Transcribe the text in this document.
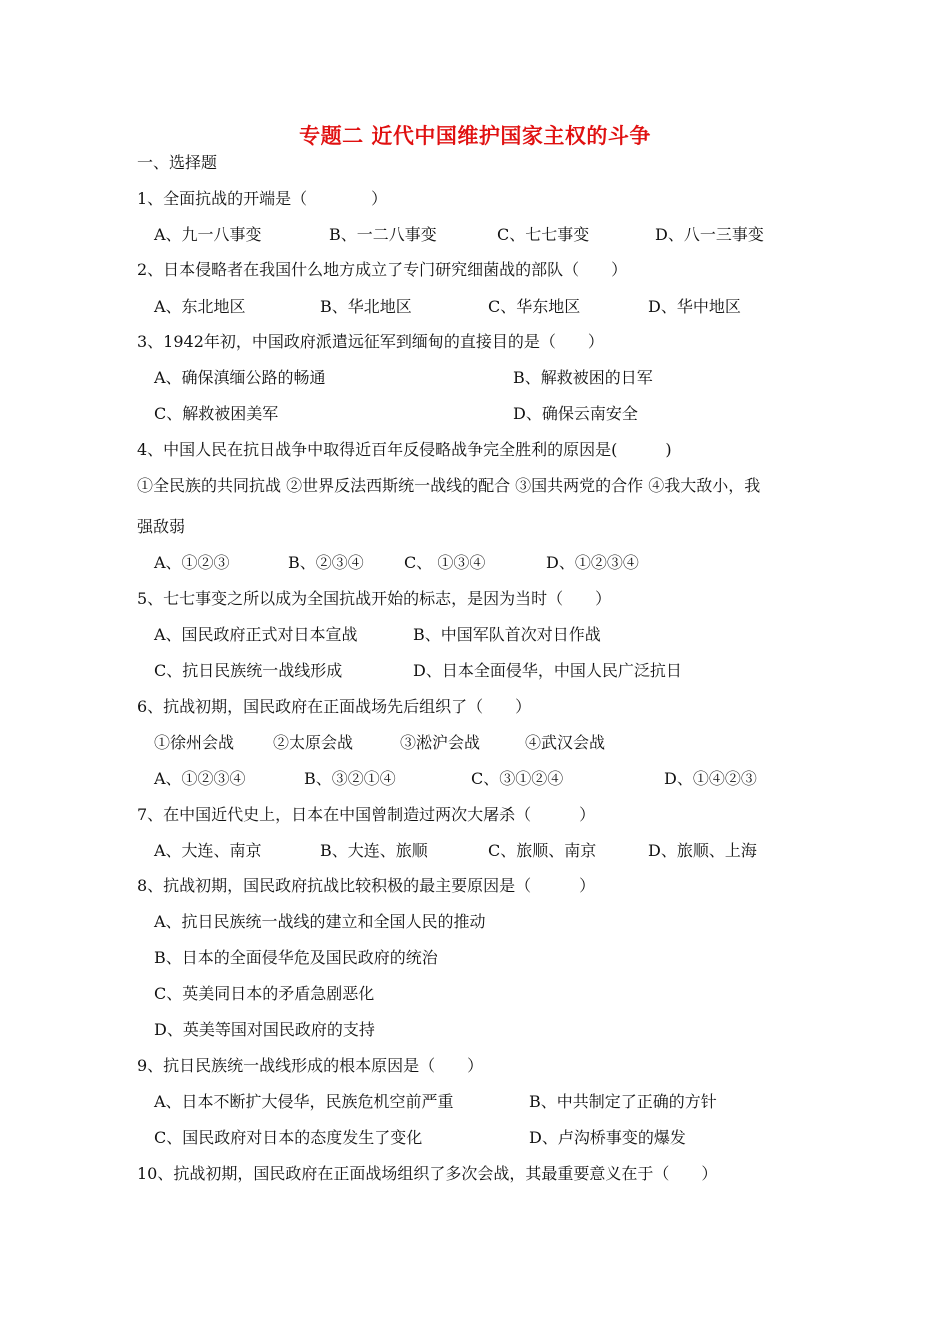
专题二 近代中国维护国家主权的斗争
一、选择题
1、全面抗战的开端是（　　　　）
A、九一八事变	B、一二八事变	C、七七事变	D、八一三事变
2、日本侵略者在我国什么地方成立了专门研究细菌战的部队（　　）
A、东北地区	B、华北地区	C、华东地区	D、华中地区
3、1942年初，中国政府派遣远征军到缅甸的直接目的是（　　）
A、确保滇缅公路的畅通	B、解救被困的日军
C、解救被困美军	D、确保云南安全
4、中国人民在抗日战争中取得近百年反侵略战争完全胜利的原因是(　　　)
①全民族的共同抗战 ②世界反法西斯统一战线的配合 ③国共两党的合作 ④我大敌小，我
强敌弱
A、①②③	B、②③④	C、 ①③④	D、①②③④
5、七七事变之所以成为全国抗战开始的标志，是因为当时（　　）
A、国民政府正式对日本宣战	B、中国军队首次对日作战
C、抗日民族统一战线形成	D、日本全面侵华，中国人民广泛抗日
6、抗战初期，国民政府在正面战场先后组织了（　　）
①徐州会战 ②太原会战	③淞沪会战	④武汉会战
A、①②③④	B、③②①④	C、③①②④	D、①④②③
7、在中国近代史上，日本在中国曾制造过两次大屠杀（　　　）
A、大连、南京	B、大连、旅顺	C、旅顺、南京	D、旅顺、上海
8、抗战初期，国民政府抗战比较积极的最主要原因是（　　　）
A、抗日民族统一战线的建立和全国人民的推动
B、日本的全面侵华危及国民政府的统治
C、英美同日本的矛盾急剧恶化
D、英美等国对国民政府的支持
9、抗日民族统一战线形成的根本原因是（　　）
A、日本不断扩大侵华，民族危机空前严重	B、中共制定了正确的方针
C、国民政府对日本的态度发生了变化	D、卢沟桥事变的爆发
10、抗战初期，国民政府在正面战场组织了多次会战，其最重要意义在于（　　）
